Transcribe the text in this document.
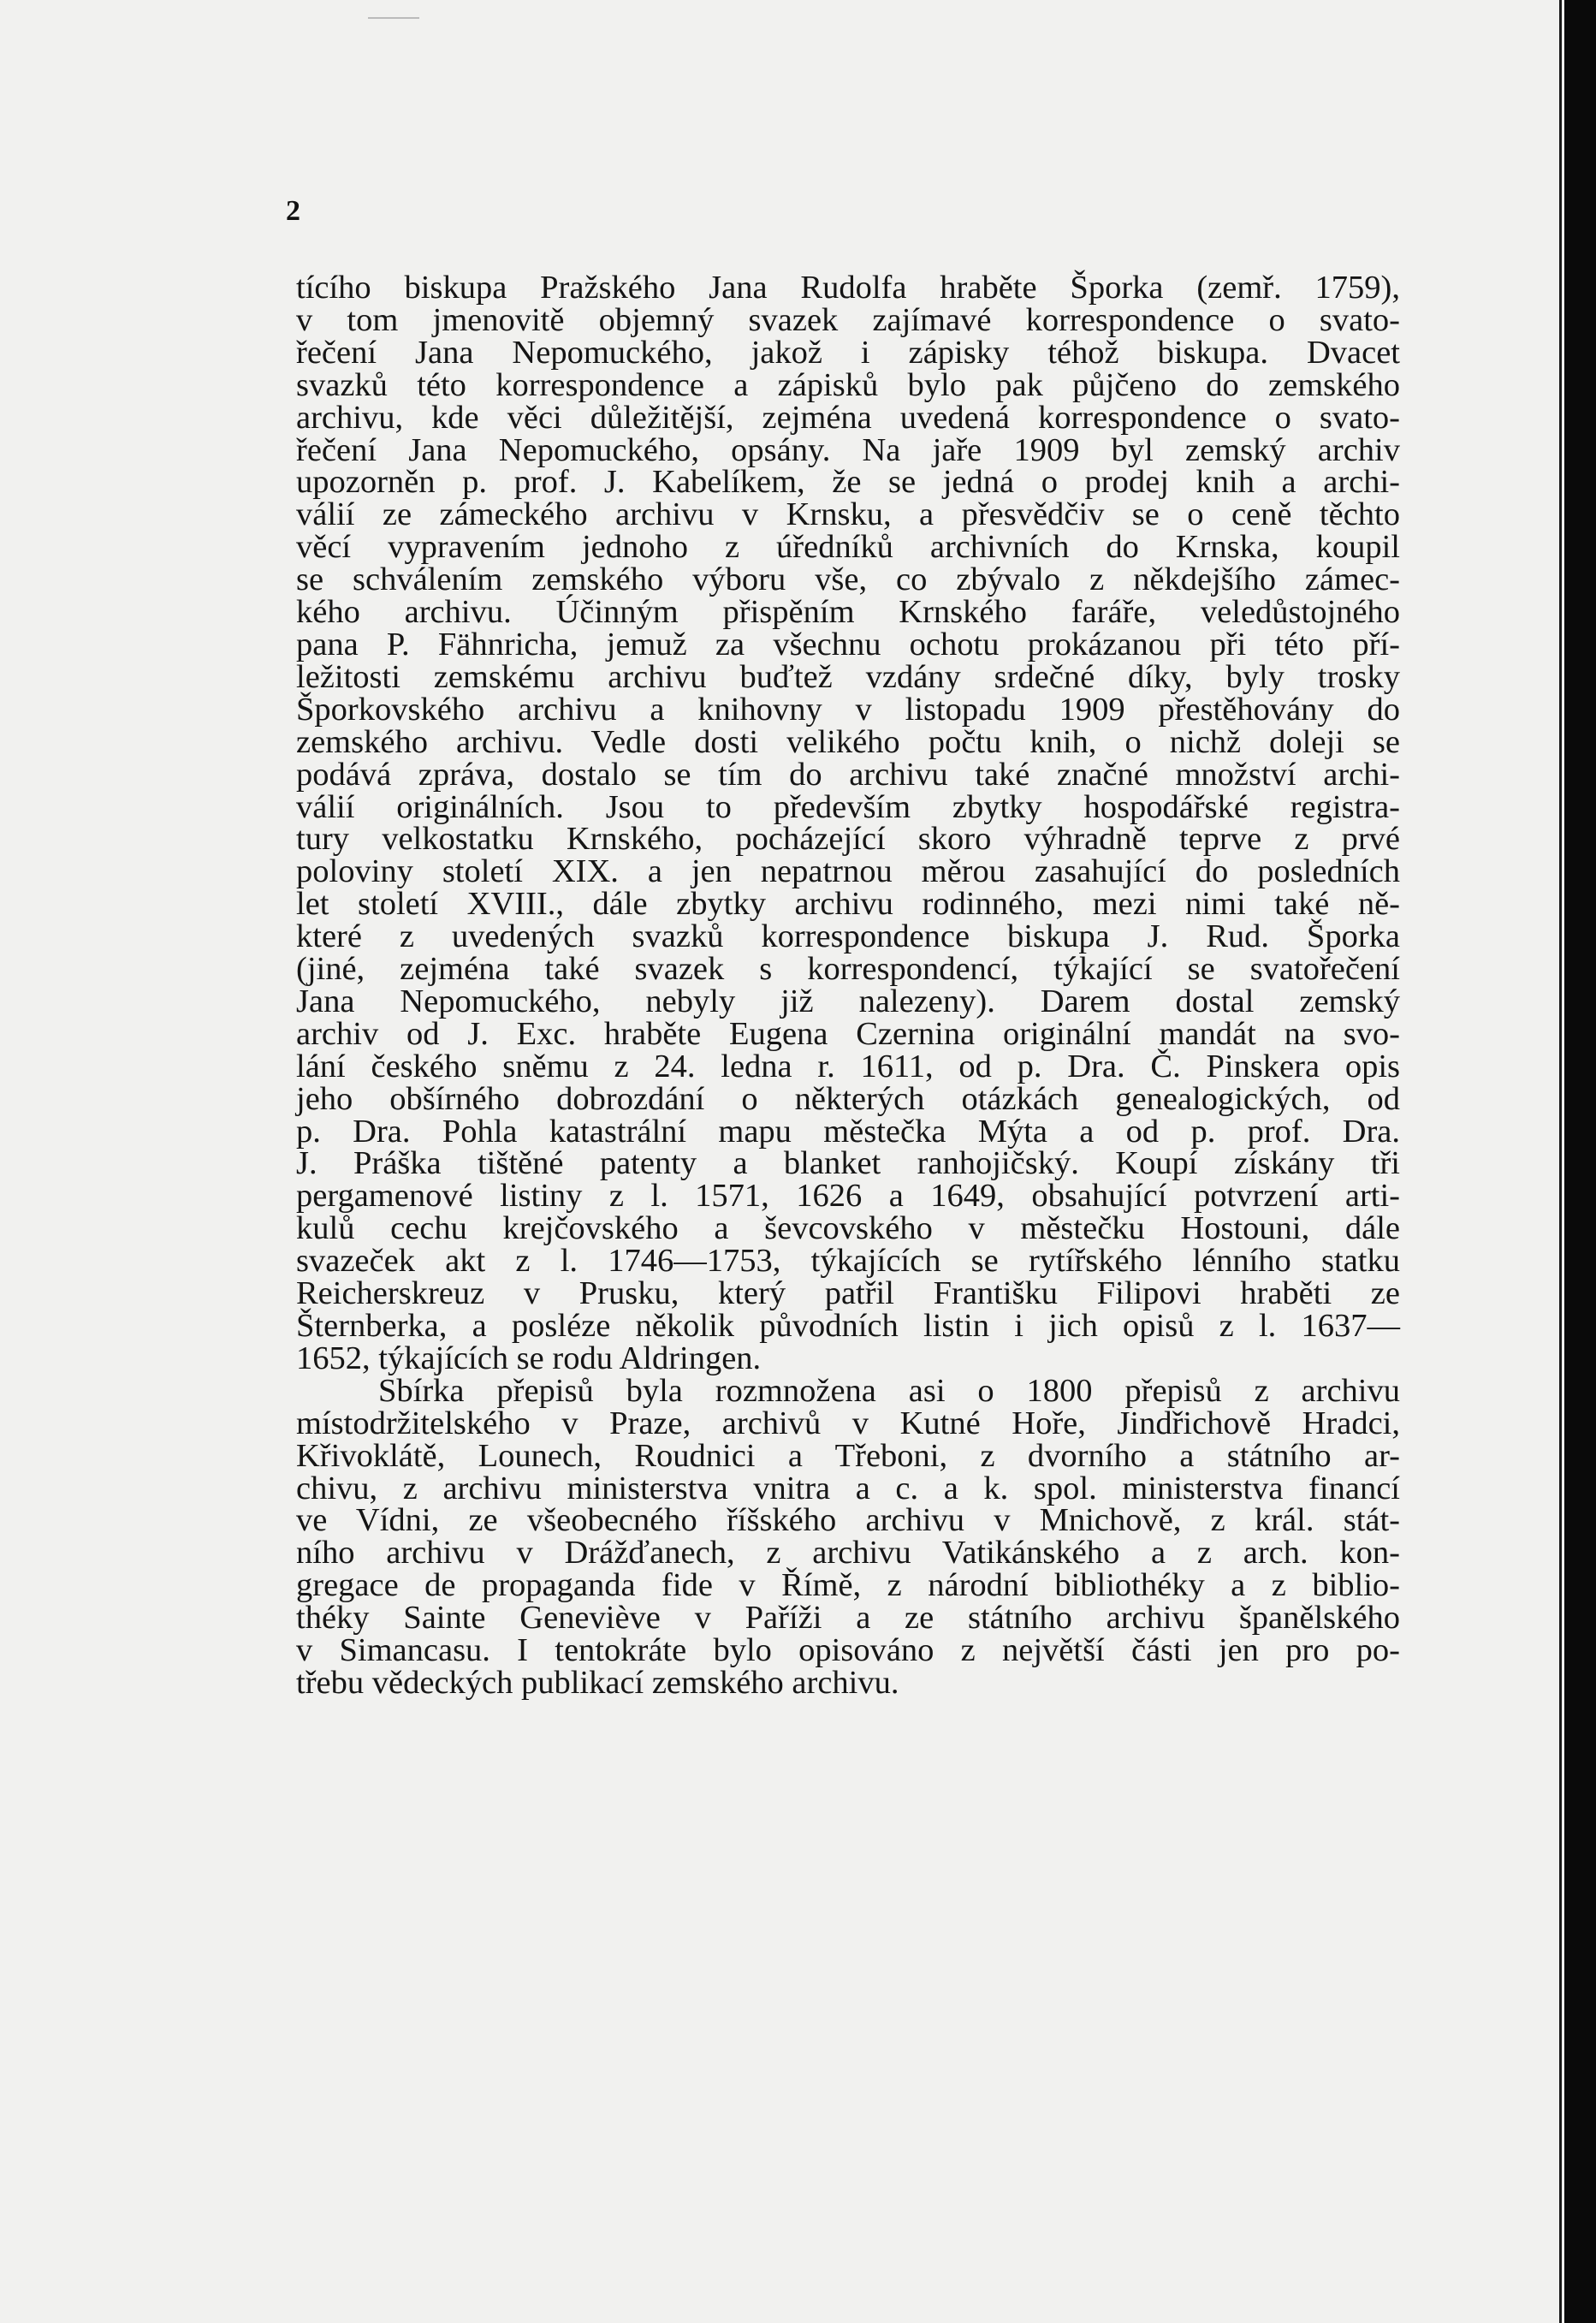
2
tícího biskupa Pražského Jana Rudolfa hraběte Šporka (zemř. 1759),
v tom jmenovitě objemný svazek zajímavé korrespondence o svato-
řečení Jana Nepomuckého, jakož i zápisky téhož biskupa. Dvacet
svazků této korrespondence a zápisků bylo pak půjčeno do zemského
archivu, kde věci důležitější, zejména uvedená korrespondence o svato-
řečení Jana Nepomuckého, opsány. Na jaře 1909 byl zemský archiv
upozorněn p. prof. J. Kabelíkem, že se jedná o prodej knih a archi-
válií ze zámeckého archivu v Krnsku, a přesvědčiv se o ceně těchto
věcí vypravením jednoho z úředníků archivních do Krnska, koupil
se schválením zemského výboru vše, co zbývalo z někdejšího zámec-
kého archivu. Účinným přispěním Krnského faráře, veledůstojného
pana P. Fähnricha, jemuž za všechnu ochotu prokázanou při této pří-
ležitosti zemskému archivu buďtež vzdány srdečné díky, byly trosky
Šporkovského archivu a knihovny v listopadu 1909 přestěhovány do
zemského archivu. Vedle dosti velikého počtu knih, o nichž doleji se
podává zpráva, dostalo se tím do archivu také značné množství archi-
válií originálních. Jsou to především zbytky hospodářské registra-
tury velkostatku Krnského, pocházející skoro výhradně teprve z prvé
poloviny století XIX. a jen nepatrnou měrou zasahující do posledních
let století XVIII., dále zbytky archivu rodinného, mezi nimi také ně-
které z uvedených svazků korrespondence biskupa J. Rud. Šporka
(jiné, zejména také svazek s korrespondencí, týkající se svatořečení
Jana Nepomuckého, nebyly již nalezeny). Darem dostal zemský
archiv od J. Exc. hraběte Eugena Czernina originální mandát na svo-
lání českého sněmu z 24. ledna r. 1611, od p. Dra. Č. Pinskera opis
jeho obšírného dobrozdání o některých otázkách genealogických, od
p. Dra. Pohla katastrální mapu městečka Mýta a od p. prof. Dra.
J. Práška tištěné patenty a blanket ranhojičský. Koupí získány tři
pergamenové listiny z l. 1571, 1626 a 1649, obsahující potvrzení arti-
kulů cechu krejčovského a ševcovského v městečku Hostouni, dále
svazeček akt z l. 1746—1753, týkajících se rytířského lénního statku
Reicherskreuz v Prusku, který patřil Františku Filipovi hraběti ze
Šternberka, a posléze několik původních listin i jich opisů z l. 1637—
1652, týkajících se rodu Aldringen.
Sbírka přepisů byla rozmnožena asi o 1800 přepisů z archivu
místodržitelského v Praze, archivů v Kutné Hoře, Jindřichově Hradci,
Křivoklátě, Lounech, Roudnici a Třeboni, z dvorního a státního ar-
chivu, z archivu ministerstva vnitra a c. a k. spol. ministerstva financí
ve Vídni, ze všeobecného říšského archivu v Mnichově, z král. stát-
ního archivu v Drážďanech, z archivu Vatikánského a z arch. kon-
gregace de propaganda fide v Římě, z národní bibliothéky a z biblio-
théky Sainte Geneviève v Paříži a ze státního archivu španělského
v Simancasu. I tentokráte bylo opisováno z největší části jen pro po-
třebu vědeckých publikací zemského archivu.
